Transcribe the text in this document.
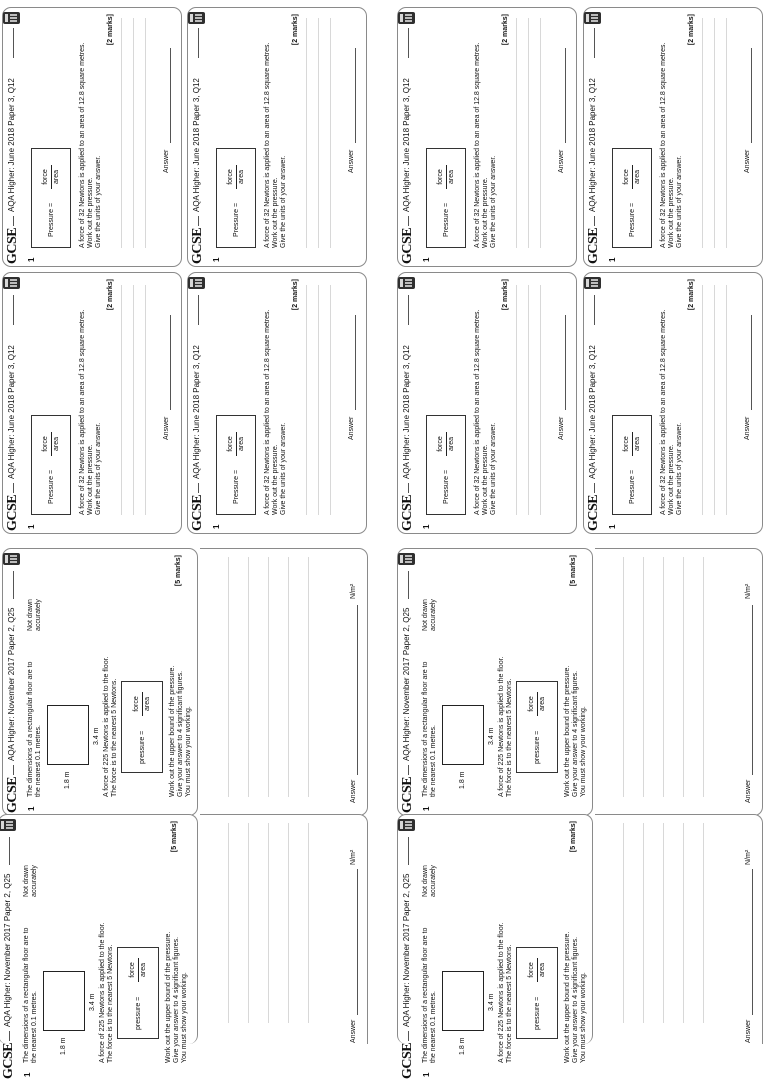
GCSE
AQA Higher: June 2018 Paper 3, Q12
1
Pressure =
force area	A force of 32 Newtons is applied to an area of 12.8 square metres. Work out the pressure. Give the units of your answer.
[2 marks]
Answer
GCSE
AQA Higher: June 2018 Paper 3, Q12
1
Pressure =
force area	A force of 32 Newtons is applied to an area of 12.8 square metres. Work out the pressure. Give the units of your answer.
[2 marks]
Answer
GCSE
AQA Higher: June 2018 Paper 3, Q12
1
Pressure =
force area	A force of 32 Newtons is applied to an area of 12.8 square metres. Work out the pressure. Give the units of your answer.
[2 marks]
Answer
GCSE
AQA Higher: June 2018 Paper 3, Q12
1
Pressure =
force area	A force of 32 Newtons is applied to an area of 12.8 square metres. Work out the pressure. Give the units of your answer.
[2 marks]
Answer
GCSE
AQA Higher: June 2018 Paper 3, Q12
1
Pressure =
force area	A force of 32 Newtons is applied to an area of 12.8 square metres. Work out the pressure. Give the units of your answer.
[2 marks]
Answer
GCSE
AQA Higher: June 2018 Paper 3, Q12
1
Pressure =
force area	A force of 32 Newtons is applied to an area of 12.8 square metres. Work out the pressure. Give the units of your answer.
[2 marks]
Answer
GCSE
AQA Higher: June 2018 Paper 3, Q12
1
Pressure =
force area	A force of 32 Newtons is applied to an area of 12.8 square metres. Work out the pressure. Give the units of your answer.
[2 marks]
Answer
GCSE
AQA Higher: June 2018 Paper 3, Q12
1
Pressure =
force area	A force of 32 Newtons is applied to an area of 12.8 square metres. Work out the pressure. Give the units of your answer.
[2 marks]
Answer
GCSE
AQA Higher: November 2017 Paper 2, Q25
1
The dimensions of a rectangular floor are to the nearest 0.1 metres.
Not drawn accurately
1.8 m
3.4 m A force of 225 Newtons is applied to the floor. The force is to the nearest 5 Newtons.	pressure =
force area	Work out the upper bound of the pressure. Give your answer to 4 significant figures. You must show your working.
[5 marks]
GCSE
AQA Higher: November 2017 Paper 2, Q25
1
The dimensions of a rectangular floor are to the nearest 0.1 metres.
Not drawn accurately
1.8 m
3.4 m A force of 225 Newtons is applied to the floor. The force is to the nearest 5 Newtons.	pressure =
force area	Work out the upper bound of the pressure. Give your answer to 4 significant figures. You must show your working.
[5 marks]
Answer
N/m²
Answer
N/m²
GCSE
AQA Higher: November 2017 Paper 2, Q25
1
The dimensions of a rectangular floor are to the nearest 0.1 metres.
Not drawn accurately
1.8 m
3.4 m A force of 225 Newtons is applied to the floor. The force is to the nearest 5 Newtons.	pressure =
force area	Work out the upper bound of the pressure. Give your answer to 4 significant figures. You must show your working.
[5 marks]
Answer
N/m²
GCSE
AQA Higher: November 2017 Paper 2, Q25
1
The dimensions of a rectangular floor are to the nearest 0.1 metres.
Not drawn accurately
1.8 m
3.4 m A force of 225 Newtons is applied to the floor. The force is to the nearest 5 Newtons.	pressure =
force area	Work out the upper bound of the pressure. Give your answer to 4 significant figures. You must show your working.
[5 marks]
Answer
N/m²
